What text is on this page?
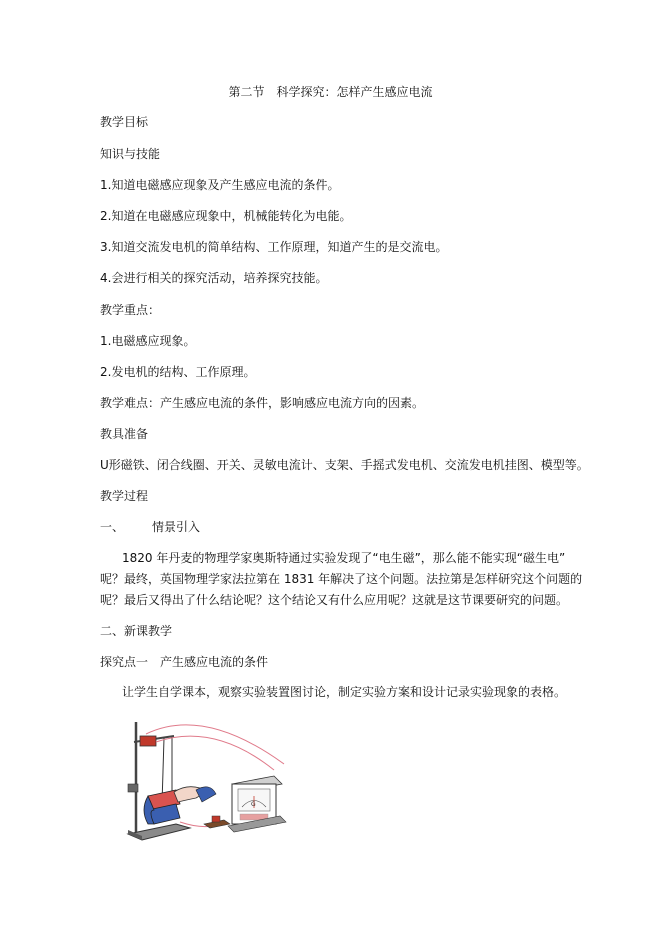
第二节　科学探究：怎样产生感应电流
教学目标
知识与技能
1.知道电磁感应现象及产生感应电流的条件。
2.知道在电磁感应现象中，机械能转化为电能。
3.知道交流发电机的简单结构、工作原理，知道产生的是交流电。
4.会进行相关的探究活动，培养探究技能。
教学重点：
1.电磁感应现象。
2.发电机的结构、工作原理。
教学难点：产生感应电流的条件，影响感应电流方向的因素。
教具准备
U形磁铁、闭合线圈、开关、灵敏电流计、支架、手摇式发电机、交流发电机挂图、模型等。
教学过程
一、 情景引入
1820 年丹麦的物理学家奥斯特通过实验发现了“电生磁”，那么能不能实现“磁生电”
呢？最终，英国物理学家法拉第在 1831 年解决了这个问题。法拉第是怎样研究这个问题的
呢？最后又得出了什么结论呢？这个结论又有什么应用呢？这就是这节课要研究的问题。
二、新课教学
探究点一　产生感应电流的条件
让学生自学课本，观察实验装置图讨论，制定实验方案和设计记录实验现象的表格。
G
